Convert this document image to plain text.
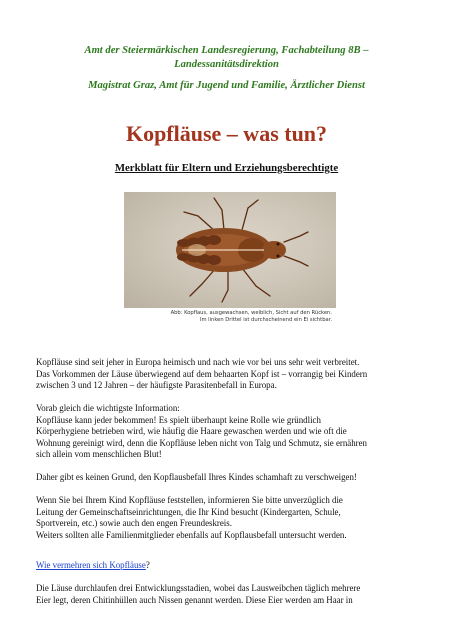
Amt der Steiermärkischen Landesregierung, Fachabteilung 8B –
Landessanitätsdirektion
Magistrat Graz, Amt für Jugend und Familie, Ärztlicher Dienst
Kopfläuse – was tun?
Merkblatt für Eltern und Erziehungsberechtigte
Abb: Kopflaus, ausgewachsen, weiblich, Sicht auf den Rücken.
Im linken Drittel ist durchscheinend ein Ei sichtbar.
Kopfläuse sind seit jeher in Europa heimisch und nach wie vor bei uns sehr weit verbreitet.
Das Vorkommen der Läuse überwiegend auf dem behaarten Kopf ist – vorrangig bei Kindern
zwischen 3 und 12 Jahren – der häufigste Parasitenbefall in Europa.
Vorab gleich die wichtigste Information:
Kopfläuse kann jeder bekommen! Es spielt überhaupt keine Rolle wie gründlich
Körperhygiene betrieben wird, wie häufig die Haare gewaschen werden und wie oft die
Wohnung gereinigt wird, denn die Kopfläuse leben nicht von Talg und Schmutz, sie ernähren
sich allein vom menschlichen Blut!
Daher gibt es keinen Grund, den Kopflausbefall Ihres Kindes schamhaft zu verschweigen!
Wenn Sie bei Ihrem Kind Kopfläuse feststellen, informieren Sie bitte unverzüglich die
Leitung der Gemeinschaftseinrichtungen, die Ihr Kind besucht (Kindergarten, Schule,
Sportverein, etc.) sowie auch den engen Freundeskreis.
Weiters sollten alle Familienmitglieder ebenfalls auf Kopflausbefall untersucht werden.
Wie vermehren sich Kopfläuse?
Die Läuse durchlaufen drei Entwicklungsstadien, wobei das Lausweibchen täglich mehrere
Eier legt, deren Chitinhüllen auch Nissen genannt werden. Diese Eier werden am Haar in
